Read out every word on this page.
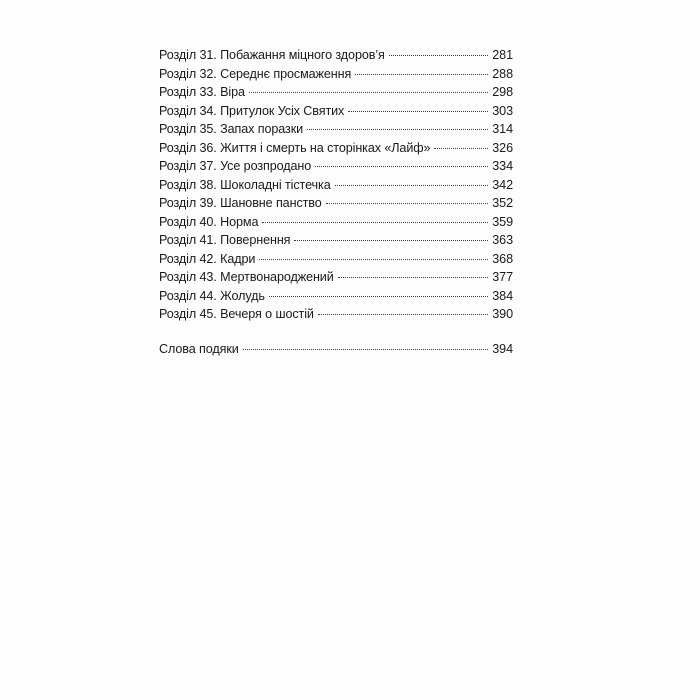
Розділ 31. Побажання міцного здоров’я	281
Розділ 32. Середнє просмаження	288
Розділ 33. Віра	298
Розділ 34. Притулок Усіх Святих	303
Розділ 35. Запах поразки	314
Розділ 36. Життя і смерть на сторінках «Лайф»	326
Розділ 37. Усе розпродано	334
Розділ 38. Шоколадні тістечка	342
Розділ 39. Шановне панство	352
Розділ 40. Норма	359
Розділ 41. Повернення	363
Розділ 42. Кадри	368
Розділ 43. Мертвонароджений	377
Розділ 44. Жолудь	384
Розділ 45. Вечеря о шостій	390
Слова подяки	394
